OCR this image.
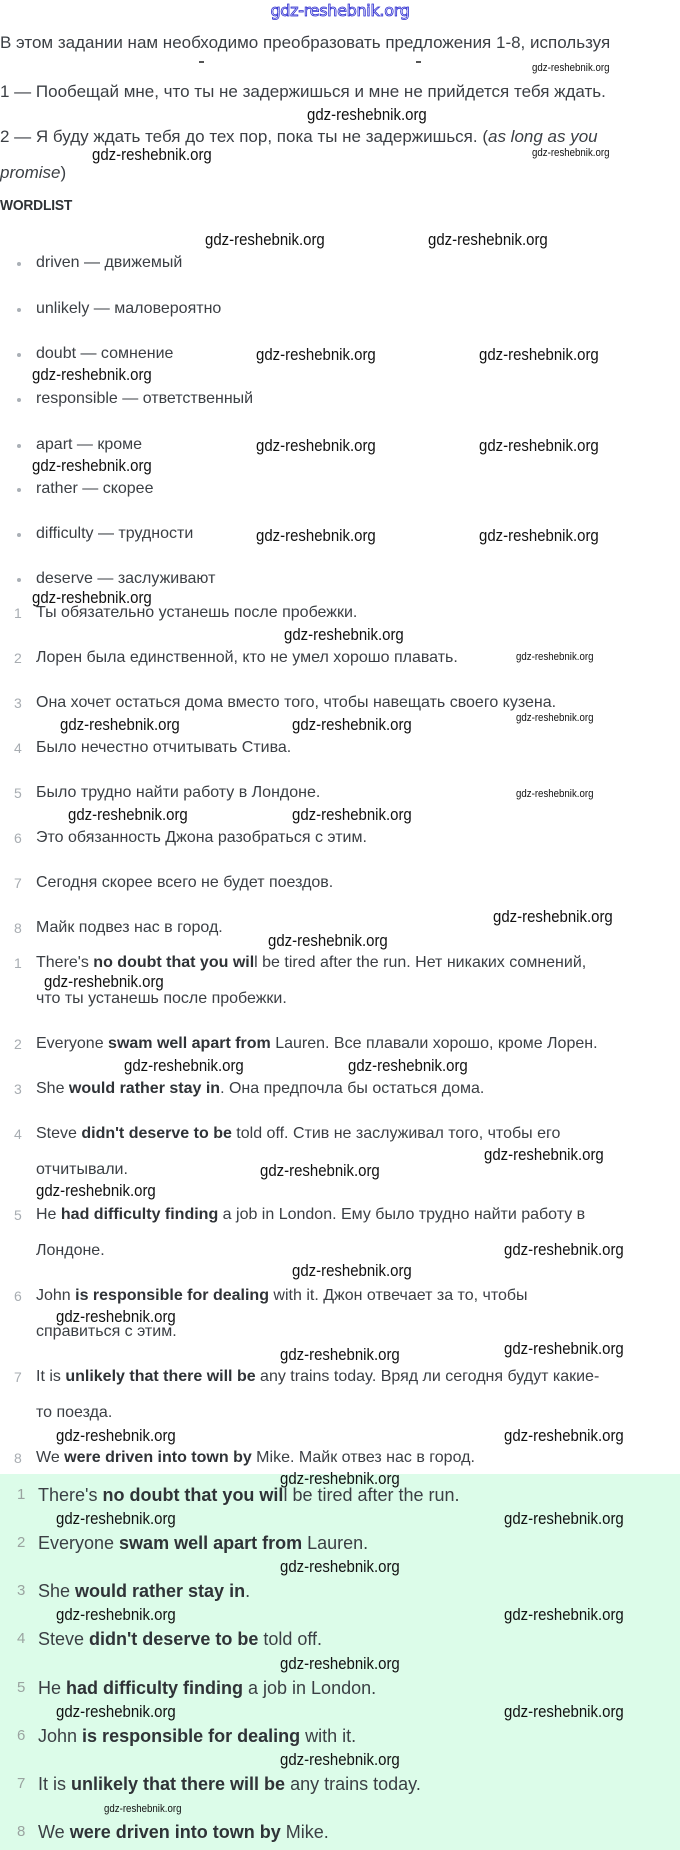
gdz-reshebnik.org
В этом задании нам необходимо преобразовать предложения 1-8, используя
1 — Пообещай мне, что ты не задержишься и мне не прийдется тебя ждать.
2 — Я буду ждать тебя до тех пор, пока ты не задержишься. (as long as you
promise)
WORDLIST
driven — движемый
unlikely — маловероятно
doubt — сомнение
responsible — ответственный
apart — кроме
rather — скорее
difficulty — трудности
deserve — заслуживают
1 Ты обязательно устанешь после пробежки.
2 Лорен была единственной, кто не умел хорошо плавать.
3 Она хочет остаться дома вместо того, чтобы навещать своего кузена.
4 Было нечестно отчитывать Стива.
5 Было трудно найти работу в Лондоне.
6 Это обязанность Джона разобраться с этим.
7 Сегодня скорее всего не будет поездов.
8 Майк подвез нас в город.
1 There's no doubt that you will be tired after the run. Нет никаких сомнений,
что ты устанешь после пробежки.
2 Everyone swam well apart from Lauren. Все плавали хорошо, кроме Лорен.
3 She would rather stay in. Она предпочла бы остаться дома.
4 Steve didn't deserve to be told off. Стив не заслуживал того, чтобы его
отчитывали.
5 He had difficulty finding a job in London. Ему было трудно найти работу в
Лондоне.
6 John is responsible for dealing with it. Джон отвечает за то, чтобы
справиться с этим.
7 It is unlikely that there will be any trains today. Вряд ли сегодня будут какие-
то поезда.
8 We were driven into town by Mike. Майк отвез нас в город.
1 There's no doubt that you will be tired after the run.
2 Everyone swam well apart from Lauren.
3 She would rather stay in.
4 Steve didn't deserve to be told off.
5 He had difficulty finding a job in London.
6 John is responsible for dealing with it.
7 It is unlikely that there will be any trains today.
8 We were driven into town by Mike.
gdz-reshebnik.org
gdz-reshebnik.org
gdz-reshebnik.org	gdz-reshebnik.org
gdz-reshebnik.org	gdz-reshebnik.org
gdz-reshebnik.org	gdz-reshebnik.org
gdz-reshebnik.org
gdz-reshebnik.org	gdz-reshebnik.org
gdz-reshebnik.org
gdz-reshebnik.org	gdz-reshebnik.org
gdz-reshebnik.org
gdz-reshebnik.org
gdz-reshebnik.org
gdz-reshebnik.org	gdz-reshebnik.org	gdz-reshebnik.org
gdz-reshebnik.org
gdz-reshebnik.org	gdz-reshebnik.org
gdz-reshebnik.org
gdz-reshebnik.org
gdz-reshebnik.org
gdz-reshebnik.org
gdz-reshebnik.org
gdz-reshebnik.org
gdz-reshebnik.org
gdz-reshebnik.org
gdz-reshebnik.org
gdz-reshebnik.org
gdz-reshebnik.org
gdz-reshebnik.org
gdz-reshebnik.org
gdz-reshebnik.org	gdz-reshebnik.org
gdz-reshebnik.org
gdz-reshebnik.org	gdz-reshebnik.org
gdz-reshebnik.org
gdz-reshebnik.org	gdz-reshebnik.org
gdz-reshebnik.org
gdz-reshebnik.org	gdz-reshebnik.org
gdz-reshebnik.org
gdz-reshebnik.org
